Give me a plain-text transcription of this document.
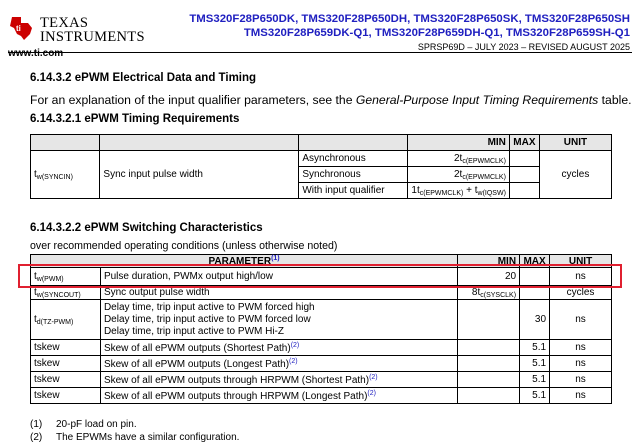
ti TEXAS
INSTRUMENTS
www.ti.com
TMS320F28P650DK, TMS320F28P650DH, TMS320F28P650SK, TMS320F28P650SH
TMS320F28P659DK-Q1, TMS320F28P659DH-Q1, TMS320F28P659SH-Q1
SPRSP69D – JULY 2023 – REVISED AUGUST 2025
6.14.3.2 ePWM Electrical Data and Timing
For an explanation of the input qualifier parameters, see the General-Purpose Input Timing Requirements table.
6.14.3.2.1 ePWM Timing Requirements
			MIN	MAX	UNIT
$t_{w(SYNCIN)}$	Sync input pulse width	Asynchronous	$2t_{c(EPWMCLK)}$		cycles
		Synchronous	$2t_{c(EPWMCLK)}$	
		With input qualifier	$1t_{c(EPWMCLK)} + t_{w(IQSW)}$	
6.14.3.2.2 ePWM Switching Characteristics
over recommended operating conditions (unless otherwise noted)
PARAMETER$^{(1)}$		MIN	MAX	UNIT
$t_{w(PWM)}$	Pulse duration, PWMx output high/low	20		ns
$t_{w(SYNCOUT)}$	Sync output pulse width	$8t_{c(SYSCLK)}$		cycles
$t_{d(TZ-PWM)}$	Delay time, trip input active to PWM forced high
Delay time, trip input active to PWM forced low
Delay time, trip input active to PWM Hi-Z		30	ns
tskew	Skew of all ePWM outputs (Shortest Path)$^{(2)}$		5.1	ns
tskew	Skew of all ePWM outputs (Longest Path)$^{(2)}$		5.1	ns
tskew	Skew of all ePWM outputs through HRPWM (Shortest Path)$^{(2)}$		5.1	ns
tskew	Skew of all ePWM outputs through HRPWM (Longest Path)$^{(2)}$		5.1	ns
(1) 20-pF load on pin.
(2) The EPWMs have a similar configuration.
